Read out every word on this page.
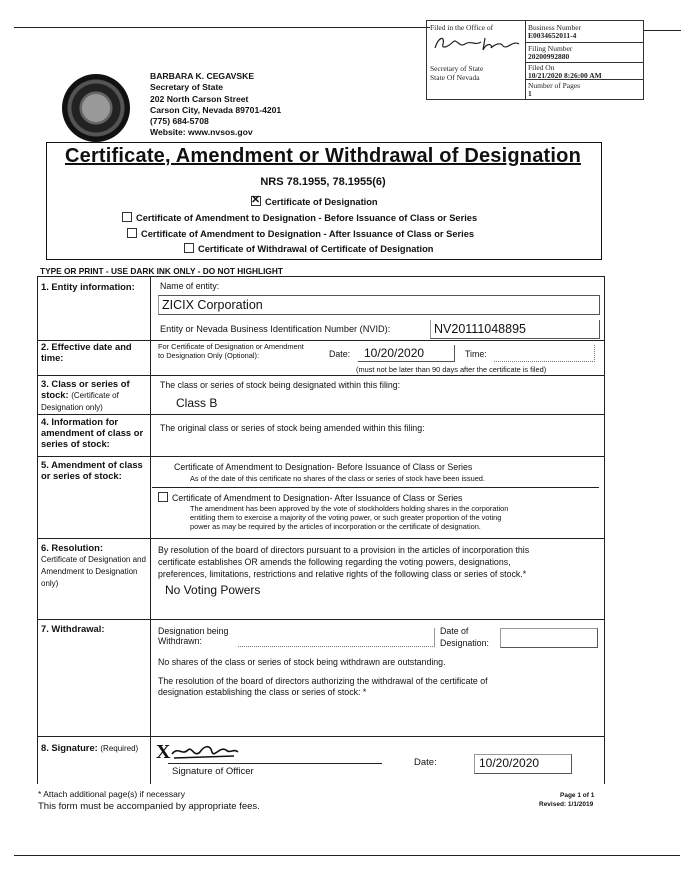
Filed in the Office of
Secretary of State
State Of Nevada
Business Number
E0034652011-4
Filing Number
20200992880
Filed On
10/21/2020 8:26:00 AM
Number of Pages
1
BARBARA K. CEGAVSKE
Secretary of State
202 North Carson Street
Carson City, Nevada 89701-4201
(775) 684-5708
Website: www.nvsos.gov
Certificate, Amendment or Withdrawal of Designation
NRS 78.1955, 78.1955(6)
✕Certificate of Designation
Certificate of Amendment to Designation - Before Issuance of Class or Series
Certificate of Amendment to Designation - After Issuance of Class or Series
Certificate of Withdrawal of Certificate of Designation
TYPE OR PRINT - USE DARK INK ONLY - DO NOT HIGHLIGHT
1. Entity information:	Name of entity:
ZICIX Corporation
Entity or Nevada Business Identification Number (NVID):	NV20111048895
2. Effective date and time:
For Certificate of Designation or Amendment to Designation Only (Optional):	Date: 10/20/2020	Time:
(must not be later than 90 days after the certificate is filed)
3. Class or series of stock: (Certificate of Designation only)
The class or series of stock being designated within this filing:
Class B
4. Information for amendment of class or series of stock:
The original class or series of stock being amended within this filing:
5. Amendment of class or series of stock:
Certificate of Amendment to Designation- Before Issuance of Class or Series
As of the date of this certificate no shares of the class or series of stock have been issued.
Certificate of Amendment to Designation- After Issuance of Class or Series
The amendment has been approved by the vote of stockholders holding shares in the corporation
entitling them to exercise a majority of the voting power, or such greater proportion of the voting
power as may be required by the articles of incorporation or the certificate of designation.
6. Resolution:
Certificate of Designation and Amendment to Designation only)
By resolution of the board of directors pursuant to a provision in the articles of incorporation this
certificate establishes OR amends the following regarding the voting powers, designations,
preferences, limitations, restrictions and relative rights of the following class or series of stock.*
No Voting Powers
7. Withdrawal:	Designation being
Withdrawn:
Date of
Designation:
No shares of the class or series of stock being withdrawn are outstanding.
The resolution of the board of directors authorizing the withdrawal of the certificate of
designation establishing the class or series of stock: *
8. Signature: (Required) X
Signature of Officer
Date:	10/20/2020
* Attach additional page(s) if necessary
This form must be accompanied by appropriate fees.
Page 1 of 1
Revised: 1/1/2019
